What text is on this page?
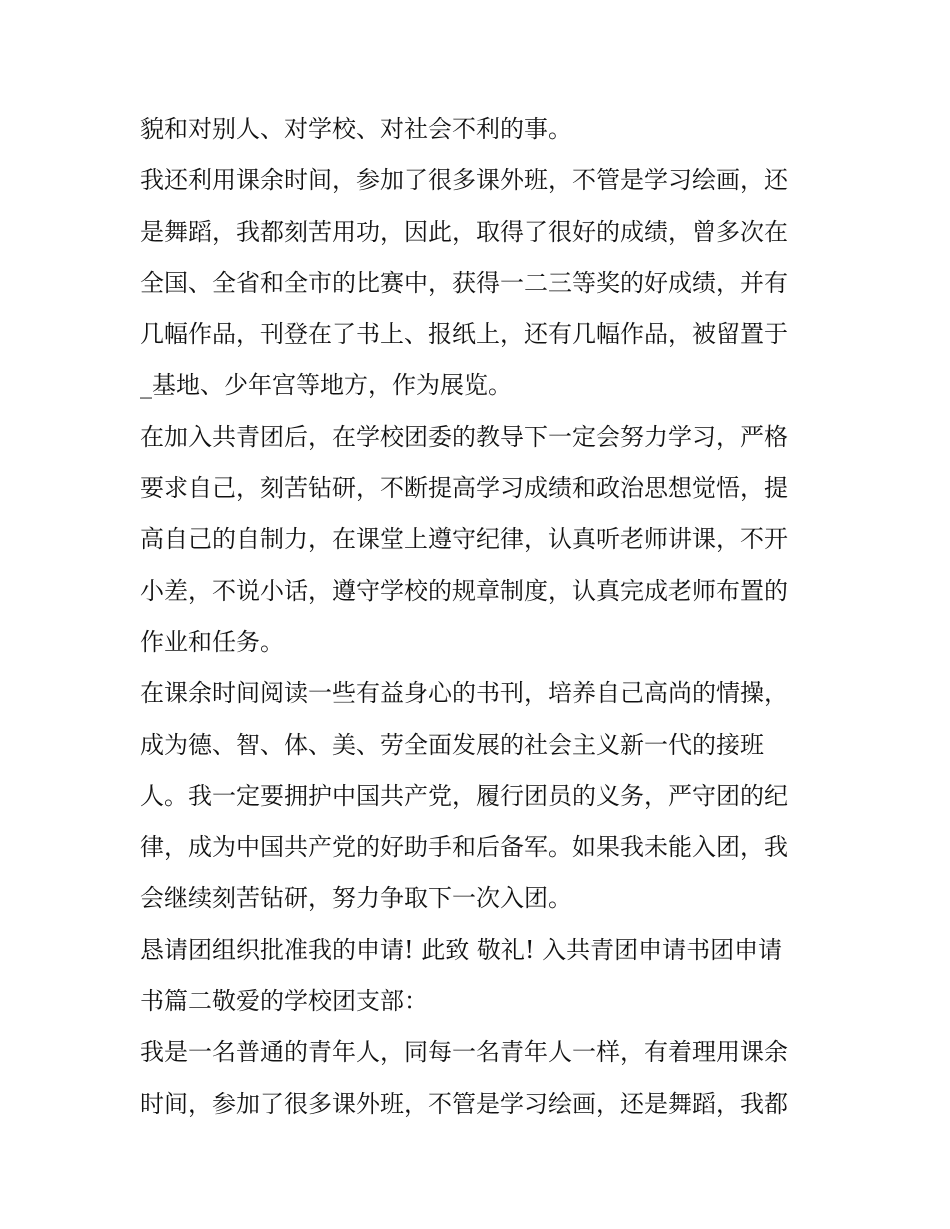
貌和对别人、对学校、对社会不利的事。
我还利用课余时间，参加了很多课外班，不管是学习绘画，还
是舞蹈，我都刻苦用功，因此，取得了很好的成绩，曾多次在
全国、全省和全市的比赛中，获得一二三等奖的好成绩，并有
几幅作品，刊登在了书上、报纸上，还有几幅作品，被留置于
_基地、少年宫等地方，作为展览。
在加入共青团后，在学校团委的教导下一定会努力学习，严格
要求自己，刻苦钻研，不断提高学习成绩和政治思想觉悟，提
高自己的自制力，在课堂上遵守纪律，认真听老师讲课，不开
小差，不说小话，遵守学校的规章制度，认真完成老师布置的
作业和任务。
在课余时间阅读一些有益身心的书刊，培养自己高尚的情操，
成为德、智、体、美、劳全面发展的社会主义新一代的接班
人。我一定要拥护中国共产党，履行团员的义务，严守团的纪
律，成为中国共产党的好助手和后备军。如果我未能入团，我
会继续刻苦钻研，努力争取下一次入团。
恳请团组织批准我的申请! 此致 敬礼! 入共青团申请书团申请
书篇二敬爱的学校团支部：
我是一名普通的青年人，同每一名青年人一样，有着理用课余
时间，参加了很多课外班，不管是学习绘画，还是舞蹈，我都
